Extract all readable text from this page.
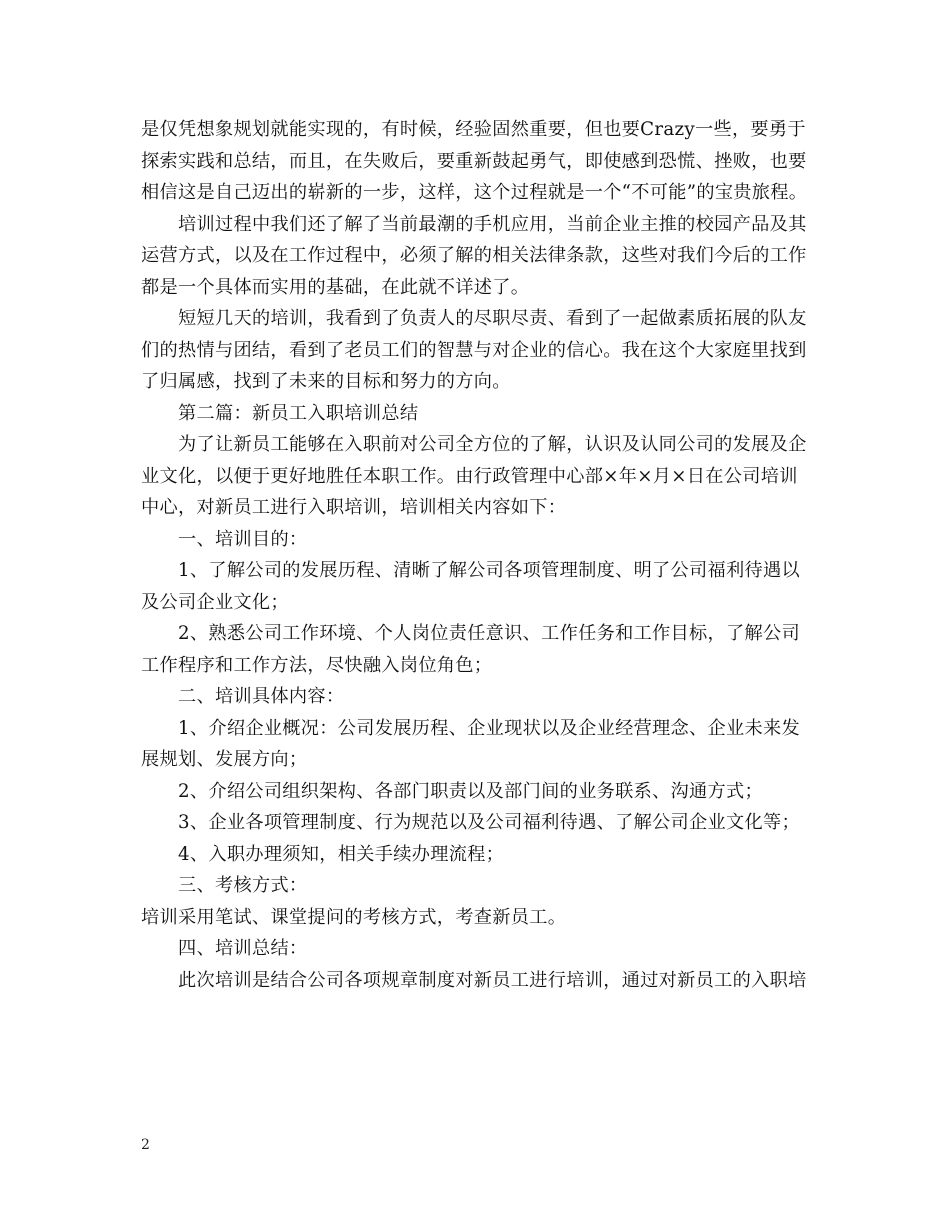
是仅凭想象规划就能实现的，有时候，经验固然重要，但也要Crazy一些，要勇于
探索实践和总结，而且，在失败后，要重新鼓起勇气，即使感到恐慌、挫败，也要
相信这是自己迈出的崭新的一步，这样，这个过程就是一个“不可能”的宝贵旅程。

培训过程中我们还了解了当前最潮的手机应用，当前企业主推的校园产品及其
运营方式，以及在工作过程中，必须了解的相关法律条款，这些对我们今后的工作
都是一个具体而实用的基础，在此就不详述了。

短短几天的培训，我看到了负责人的尽职尽责、看到了一起做素质拓展的队友
们的热情与团结，看到了老员工们的智慧与对企业的信心。我在这个大家庭里找到
了归属感，找到了未来的目标和努力的方向。

第二篇：新员工入职培训总结

为了让新员工能够在入职前对公司全方位的了解，认识及认同公司的发展及企
业文化，以便于更好地胜任本职工作。由行政管理中心部×年×月×日在公司培训
中心，对新员工进行入职培训，培训相关内容如下：

一、培训目的：

1、了解公司的发展历程、清晰了解公司各项管理制度、明了公司福利待遇以
及公司企业文化；

2、熟悉公司工作环境、个人岗位责任意识、工作任务和工作目标，了解公司
工作程序和工作方法，尽快融入岗位角色；

二、培训具体内容：

1、介绍企业概况：公司发展历程、企业现状以及企业经营理念、企业未来发
展规划、发展方向；

2、介绍公司组织架构、各部门职责以及部门间的业务联系、沟通方式；

3、企业各项管理制度、行为规范以及公司福利待遇、了解公司企业文化等；

4、入职办理须知，相关手续办理流程；

三、考核方式：

培训采用笔试、课堂提问的考核方式，考查新员工。

四、培训总结：

此次培训是结合公司各项规章制度对新员工进行培训，通过对新员工的入职培

2
